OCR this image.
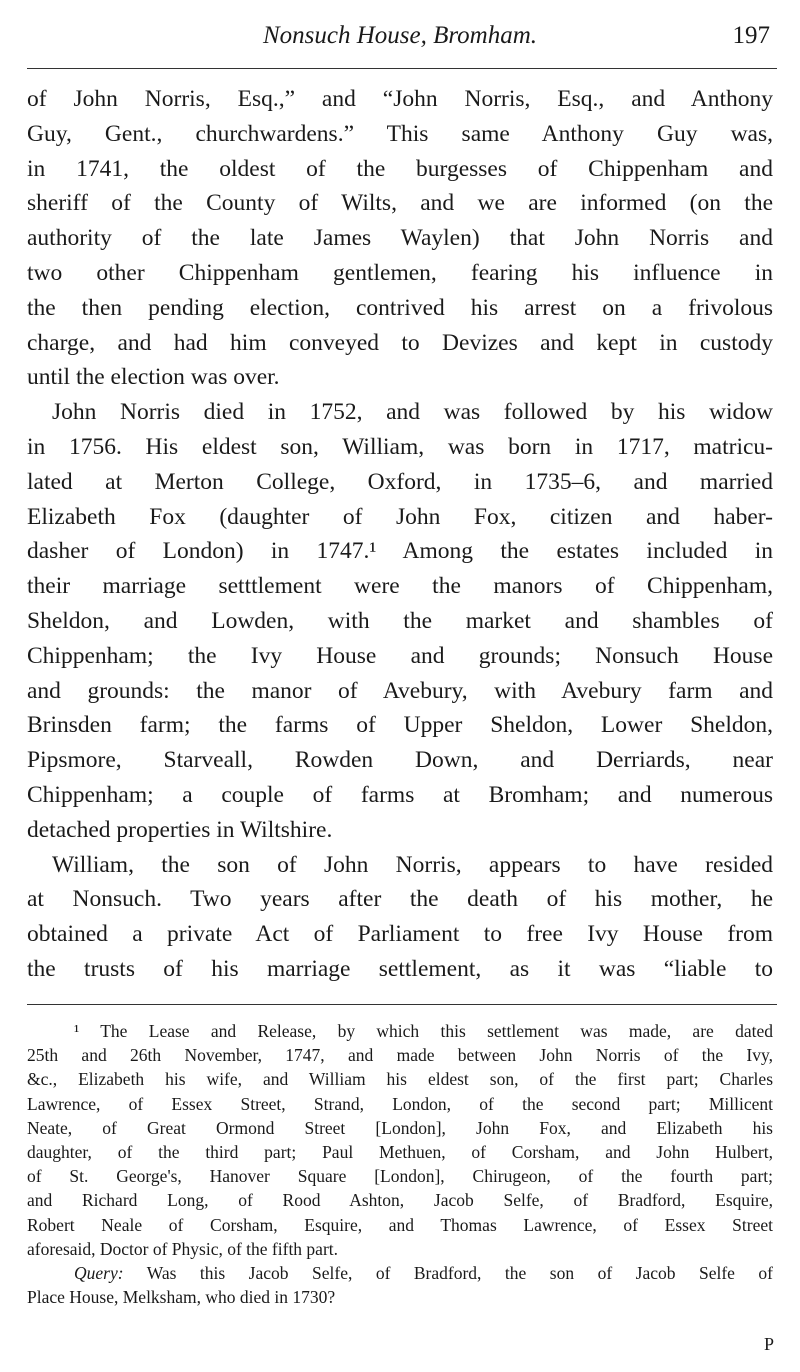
Nonsuch House, Bromham.	197
of John Norris, Esq.,” and “John Norris, Esq., and Anthony
Guy, Gent., churchwardens.” This same Anthony Guy was,
in 1741, the oldest of the burgesses of Chippenham and
sheriff of the County of Wilts, and we are informed (on the
authority of the late James Waylen) that John Norris and
two other Chippenham gentlemen, fearing his influence in
the then pending election, contrived his arrest on a frivolous
charge, and had him conveyed to Devizes and kept in custody
until the election was over.
John Norris died in 1752, and was followed by his widow
in 1756. His eldest son, William, was born in 1717, matricu-
lated at Merton College, Oxford, in 1735–6, and married
Elizabeth Fox (daughter of John Fox, citizen and haber-
dasher of London) in 1747.¹ Among the estates included in
their marriage setttlement were the manors of Chippenham,
Sheldon, and Lowden, with the market and shambles of
Chippenham; the Ivy House and grounds; Nonsuch House
and grounds: the manor of Avebury, with Avebury farm and
Brinsden farm; the farms of Upper Sheldon, Lower Sheldon,
Pipsmore, Starveall, Rowden Down, and Derriards, near
Chippenham; a couple of farms at Bromham; and numerous
detached properties in Wiltshire.
William, the son of John Norris, appears to have resided
at Nonsuch. Two years after the death of his mother, he
obtained a private Act of Parliament to free Ivy House from
the trusts of his marriage settlement, as it was “liable to
¹ The Lease and Release, by which this settlement was made, are dated
25th and 26th November, 1747, and made between John Norris of the Ivy,
&c., Elizabeth his wife, and William his eldest son, of the first part; Charles
Lawrence, of Essex Street, Strand, London, of the second part; Millicent
Neate, of Great Ormond Street [London], John Fox, and Elizabeth his
daughter, of the third part; Paul Methuen, of Corsham, and John Hulbert,
of St. George's, Hanover Square [London], Chirugeon, of the fourth part;
and Richard Long, of Rood Ashton, Jacob Selfe, of Bradford, Esquire,
Robert Neale of Corsham, Esquire, and Thomas Lawrence, of Essex Street
aforesaid, Doctor of Physic, of the fifth part.
Query: Was this Jacob Selfe, of Bradford, the son of Jacob Selfe of
Place House, Melksham, who died in 1730?
P
